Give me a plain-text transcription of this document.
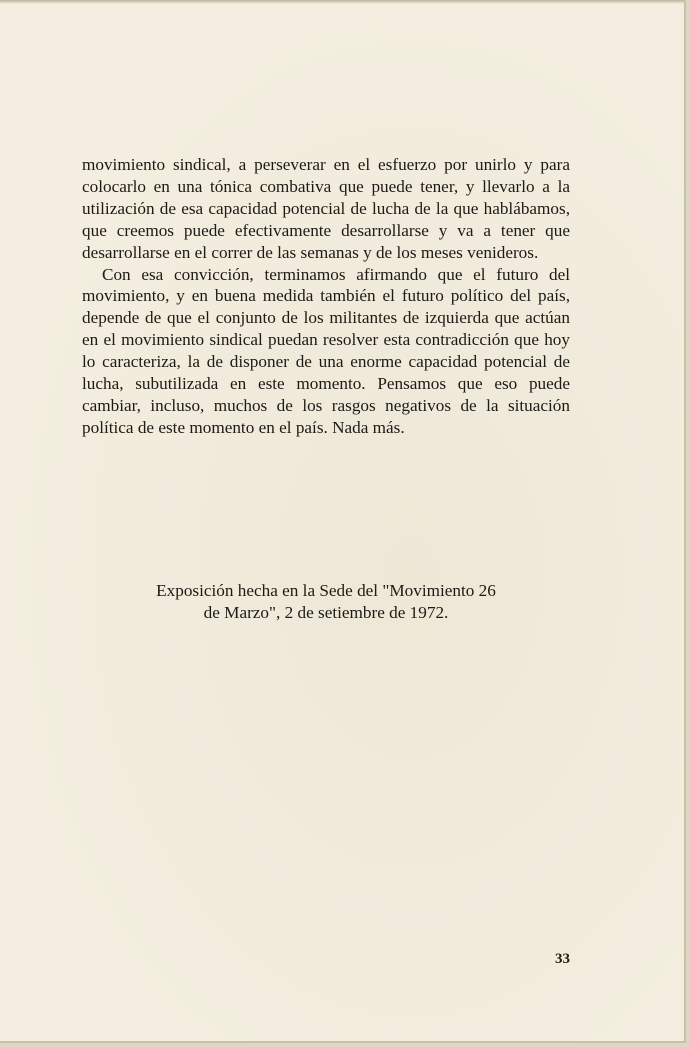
movimiento sindical, a perseverar en el esfuerzo por unirlo y para colocarlo en una tónica combativa que puede tener, y llevarlo a la utilización de esa capacidad potencial de lucha de la que hablábamos, que creemos puede efectivamente desarrollarse y va a tener que desarrollarse en el correr de las semanas y de los meses venideros.

Con esa convicción, terminamos afirmando que el futuro del movimiento, y en buena medida también el futuro político del país, depende de que el conjunto de los militantes de izquierda que actúan en el movimiento sindical puedan resolver esta contradicción que hoy lo caracteriza, la de disponer de una enorme capacidad potencial de lucha, subutilizada en este momento. Pensamos que eso puede cambiar, incluso, muchos de los rasgos negativos de la situación política de este momento en el país. Nada más.

Exposición hecha en la Sede del "Movimiento 26
de Marzo", 2 de setiembre de 1972.
33
